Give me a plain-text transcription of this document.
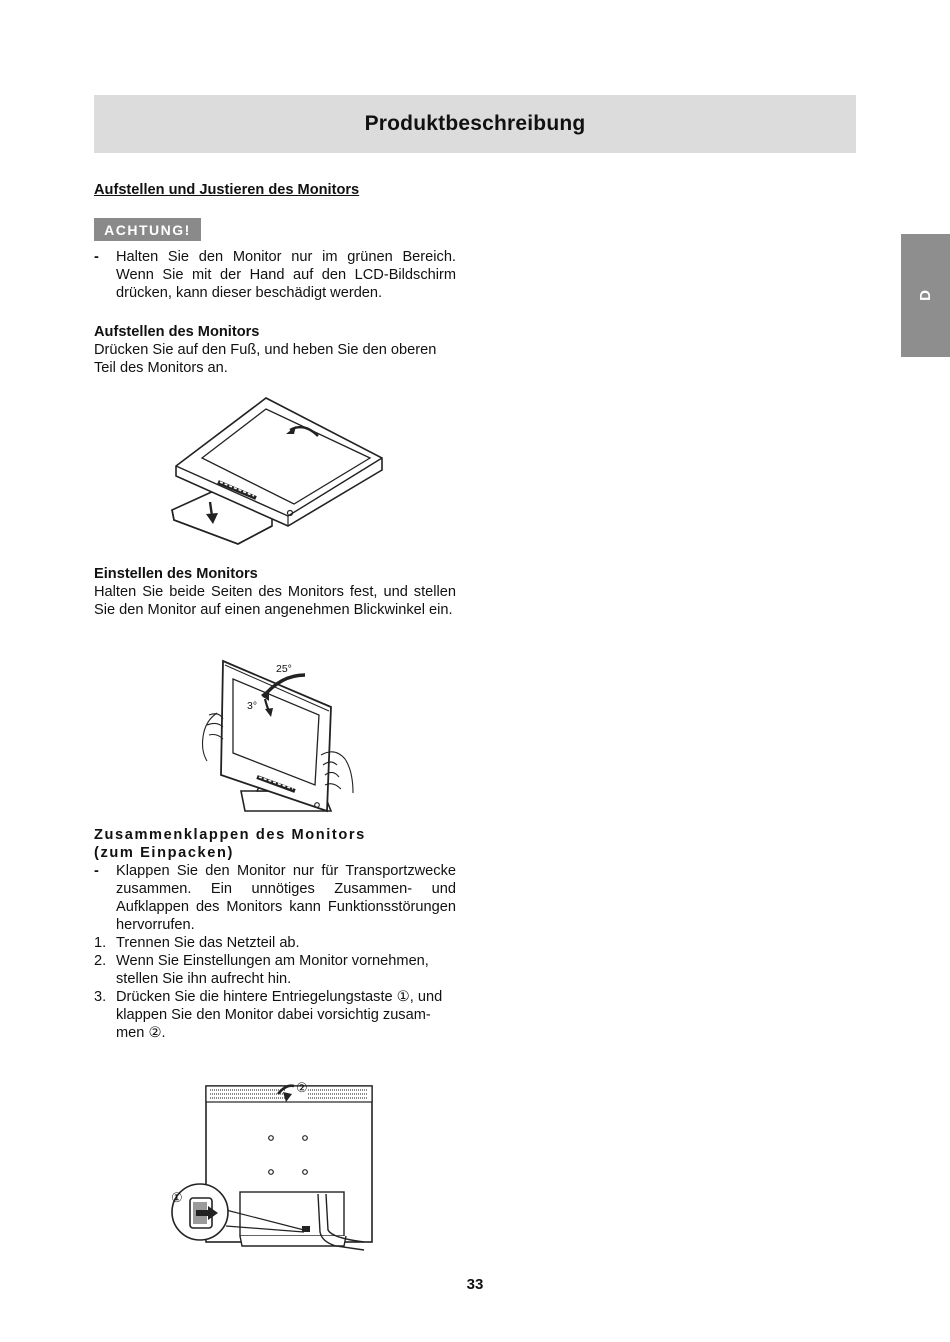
Produktbeschreibung
D
Aufstellen und Justieren des Monitors
ACHTUNG!
-	Halten Sie den Monitor nur im grünen Bereich. Wenn Sie mit der Hand auf den LCD-Bildschirm drücken, kann dieser beschädigt werden.
Aufstellen des Monitors
Drücken Sie auf den Fuß, und heben Sie den oberen Teil des Monitors an.
Einstellen des Monitors
Halten Sie beide Seiten des Monitors fest, und stellen Sie den Monitor auf einen angenehmen Blickwinkel ein.
25°
3°
Zusammenklappen des Monitors
(zum Einpacken)
-	Klappen Sie den Monitor nur für Transportzwecke zusammen. Ein unnötiges Zusammen- und Aufklappen des Monitors kann Funktionsstörungen hervorrufen.
1. Trennen Sie das Netzteil ab.
2. Wenn Sie Einstellungen am Monitor vornehmen, stellen Sie ihn aufrecht hin.
3. Drücken Sie die hintere Entriegelungstaste ①, und klappen Sie den Monitor dabei vorsichtig zusam-men ②.
①
②
33
